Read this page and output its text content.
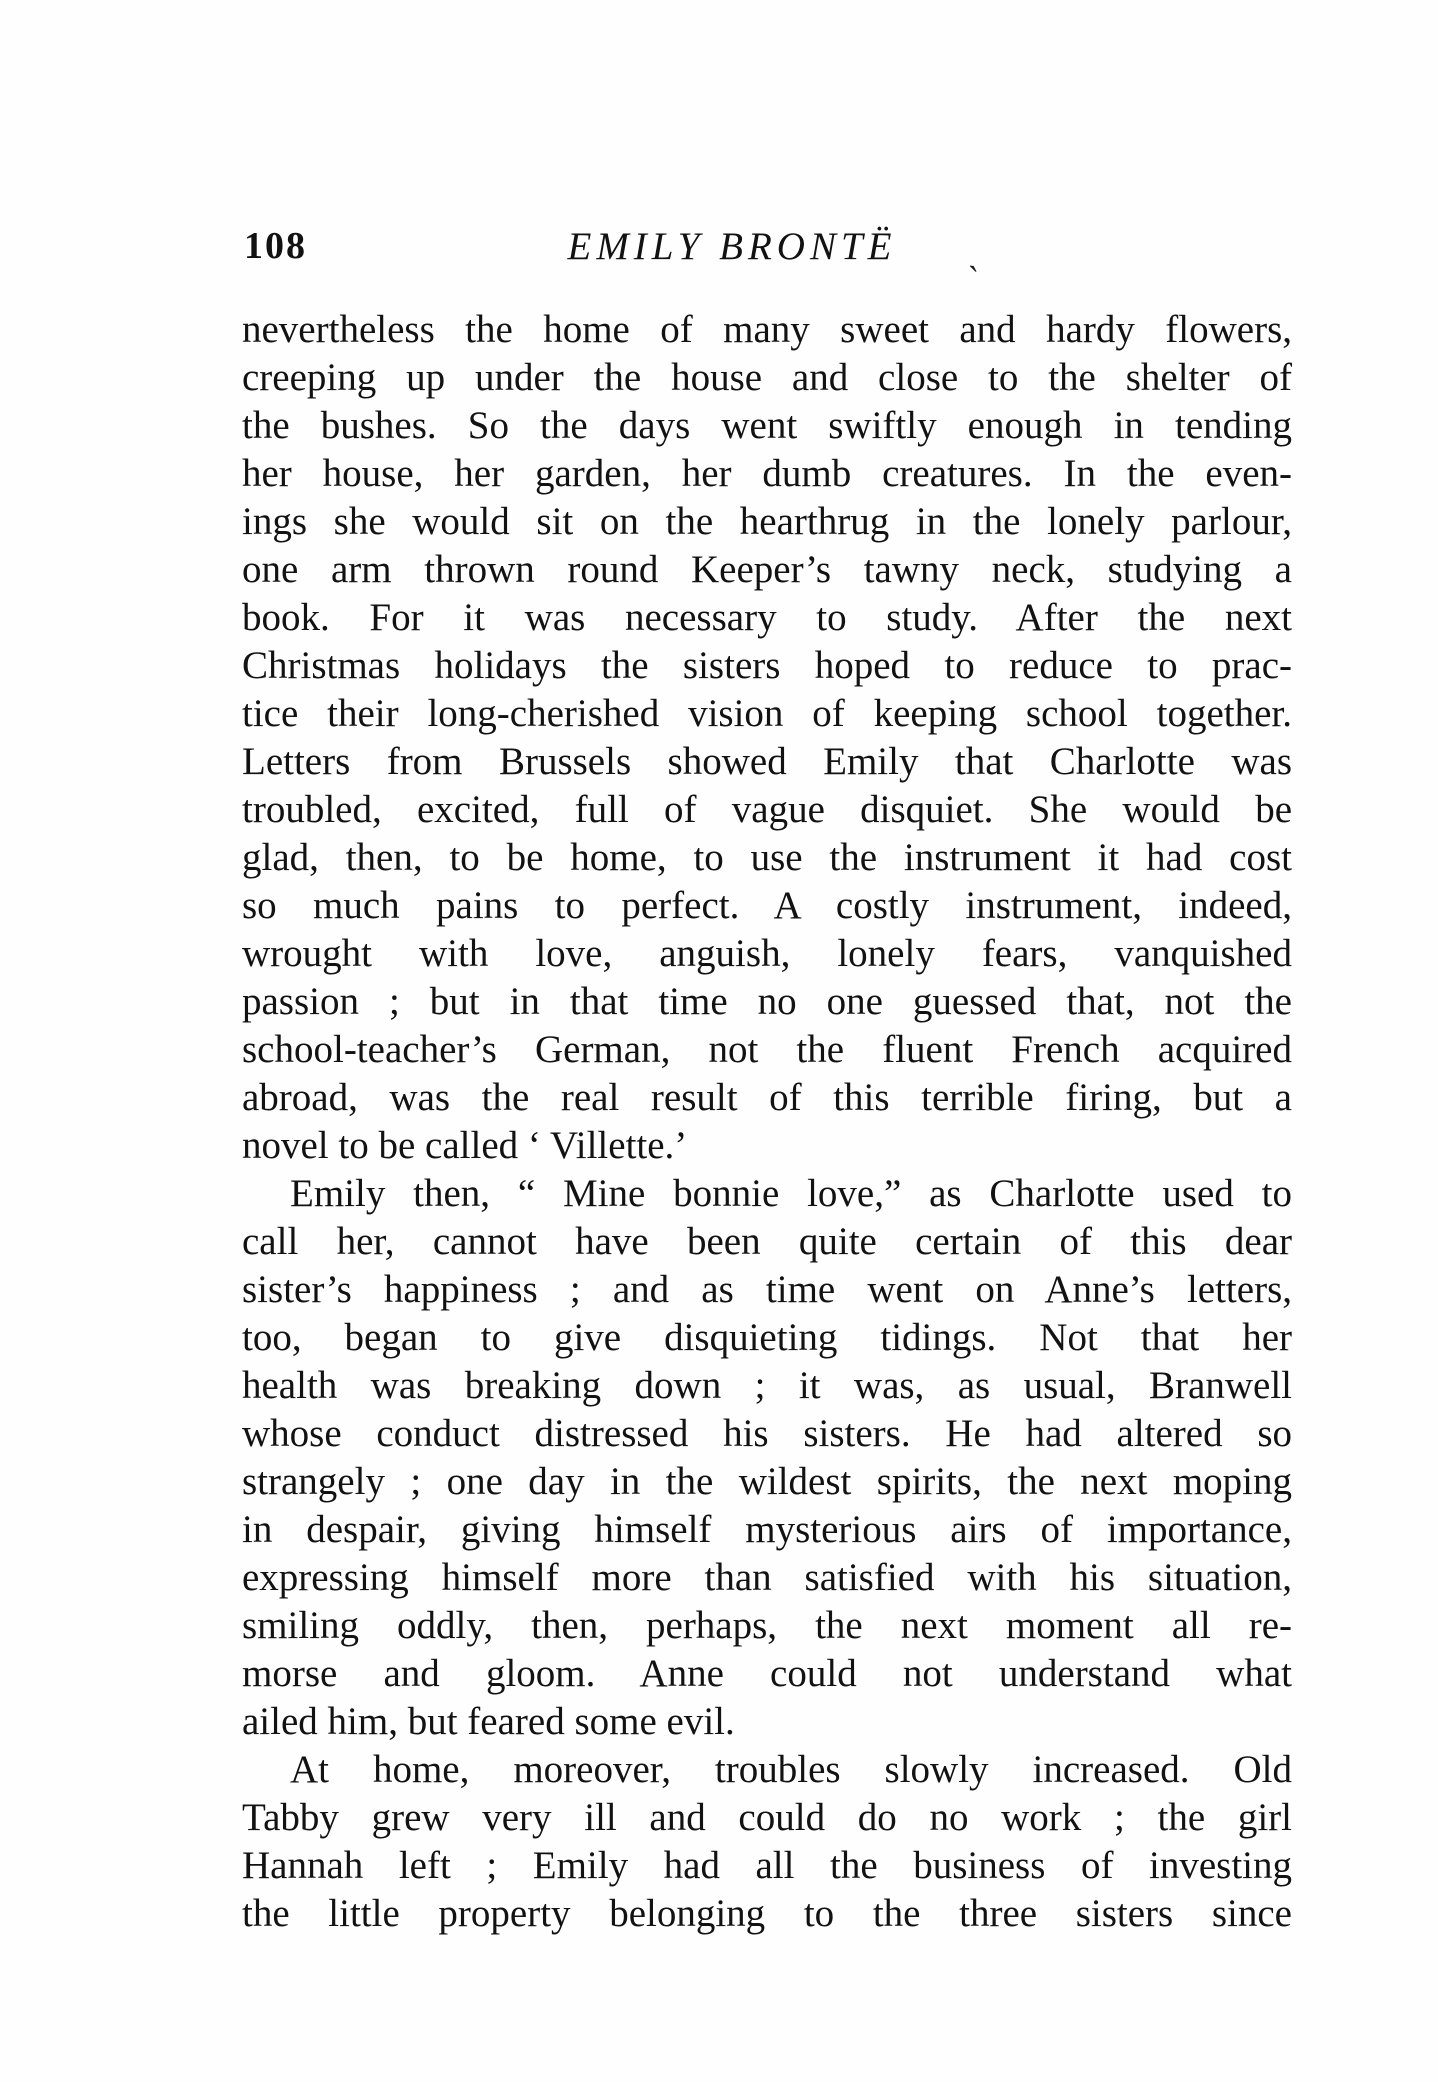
108	EMILY BRONTË
`
nevertheless the home of many sweet and hardy flowers,
creeping up under the house and close to the shelter of
the bushes. So the days went swiftly enough in tending
her house, her garden, her dumb creatures. In the even-
ings she would sit on the hearthrug in the lonely parlour,
one arm thrown round Keeper’s tawny neck, studying a
book. For it was necessary to study. After the next
Christmas holidays the sisters hoped to reduce to prac-
tice their long-cherished vision of keeping school together.
Letters from Brussels showed Emily that Charlotte was
troubled, excited, full of vague disquiet. She would be
glad, then, to be home, to use the instrument it had cost
so much pains to perfect. A costly instrument, indeed,
wrought with love, anguish, lonely fears, vanquished
passion ; but in that time no one guessed that, not the
school-teacher’s German, not the fluent French acquired
abroad, was the real result of this terrible firing, but a
novel to be called ‘ Villette.’
Emily then, “ Mine bonnie love,” as Charlotte used to
call her, cannot have been quite certain of this dear
sister’s happiness ; and as time went on Anne’s letters,
too, began to give disquieting tidings. Not that her
health was breaking down ; it was, as usual, Branwell
whose conduct distressed his sisters. He had altered so
strangely ; one day in the wildest spirits, the next moping
in despair, giving himself mysterious airs of importance,
expressing himself more than satisfied with his situation,
smiling oddly, then, perhaps, the next moment all re-
morse and gloom. Anne could not understand what
ailed him, but feared some evil.
At home, moreover, troubles slowly increased. Old
Tabby grew very ill and could do no work ; the girl
Hannah left ; Emily had all the business of investing
the little property belonging to the three sisters since
